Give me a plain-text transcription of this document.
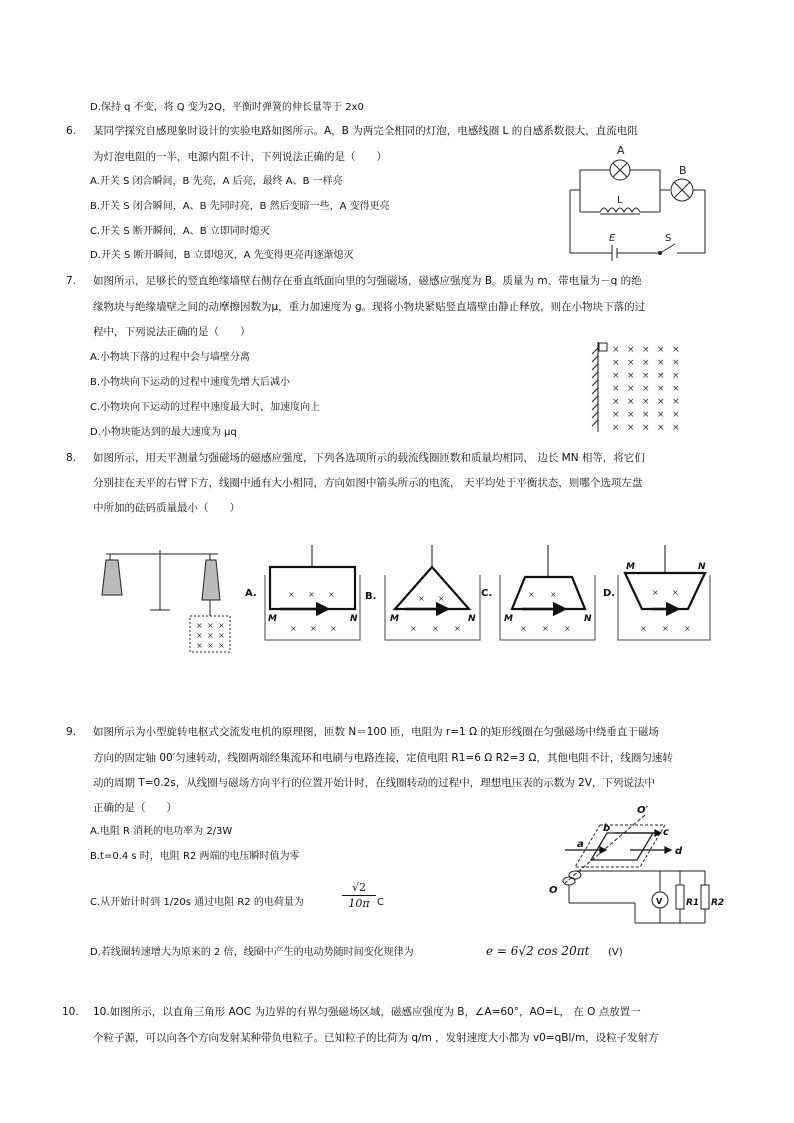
D.保持 q 不变，将 Q 变为2Q，平衡时弹簧的伸长量等于 2x0
6. 某同学探究自感现象时设计的实验电路如图所示。A，B 为两完全相同的灯泡，电感线圈 L 的自感系数很大，直流电阻
为灯泡电阻的一半，电源内阻不计，下列说法正确的是（　　）
A.开关 S 闭合瞬间，B 先亮，A 后亮，最终 A、B 一样亮
B.开关 S 闭合瞬间，A、B 先同时亮，B 然后变暗一些，A 变得更亮
C.开关 S 断开瞬间，A、B 立即同时熄灭
D.开关 S 断开瞬间，B 立即熄灭，A 先变得更亮再逐渐熄灭
A
B
L
E	S
7. 如图所示，足够长的竖直绝缘墙壁右侧存在垂直纸面向里的匀强磁场，磁感应强度为 B。质量为 m、带电量为－q 的绝
缘物块与绝缘墙壁之间的动摩擦因数为μ，重力加速度为 g。现将小物块紧贴竖直墙壁由静止释放，则在小物块下落的过
程中，下列说法正确的是（　　）
A.小物块下落的过程中会与墙壁分离
B.小物块向下运动的过程中速度先增大后减小
C.小物块向下运动的过程中速度最大时，加速度向上
D.小物块能达到的最大速度为 μq
× × × × ×
× × × × ×
× × × × ×
× × × × ×
× × × × ×
× × × × ×
× × × × ×
8. 如图所示，用天平测量匀强磁场的磁感应强度，下列各选项所示的载流线圈匝数和质量均相同， 边长 MN 相等，将它们
分别挂在天平的右臂下方，线圈中通有大小相同，方向如图中箭头所示的电流， 天平均处于平衡状态，则哪个选项左盘
中所加的砝码质量最小（　　）
× × ×
× × ×
× × ×
A.	B.	C.	D.
× × ×
× × ×
× ×
× × ×
× ×
× × ×
× ×
× × ×
M	N	M	N	M	N
M	N
9. 如图所示为小型旋转电枢式交流发电机的原理图，匝数 N＝100 匝，电阻为 r=1 Ω 的矩形线圈在匀强磁场中绕垂直于磁场
方向的固定轴 00′匀速转动，线圈两端经集流环和电刷与电路连接，定值电阻 R1=6 Ω R2=3 Ω，其他电阻不计，线圈匀速转
动的周期 T=0.2s，从线圈与磁场方向平行的位置开始计时，在线圈转动的过程中，理想电压表的示数为 2V，下列说法中
正确的是（　　）
A.电阻 R 消耗的电功率为 2/3W
B.t=0.4 s 时，电阻 R2 两端的电压瞬时值为零
C.从开始计时到 1/20s 通过电阻 R2 的电荷量为	$\frac{√2}{10\pi}$ C
D.若线圈转速增大为原来的 2 倍，线圈中产生的电动势随时间变化规律为	e = 6√2 cos 20πt (V)
O′
O
a
b	c
d
V	R1 R2
10. 10.如图所示，以直角三角形 AOC 为边界的有界匀强磁场区域，磁感应强度为 B，∠A=60°，AO=L， 在 O 点放置一
个粒子源，可以向各个方向发射某种带负电粒子。已知粒子的比荷为 q/m ，发射速度大小都为 v0=qBl/m，设粒子发射方
